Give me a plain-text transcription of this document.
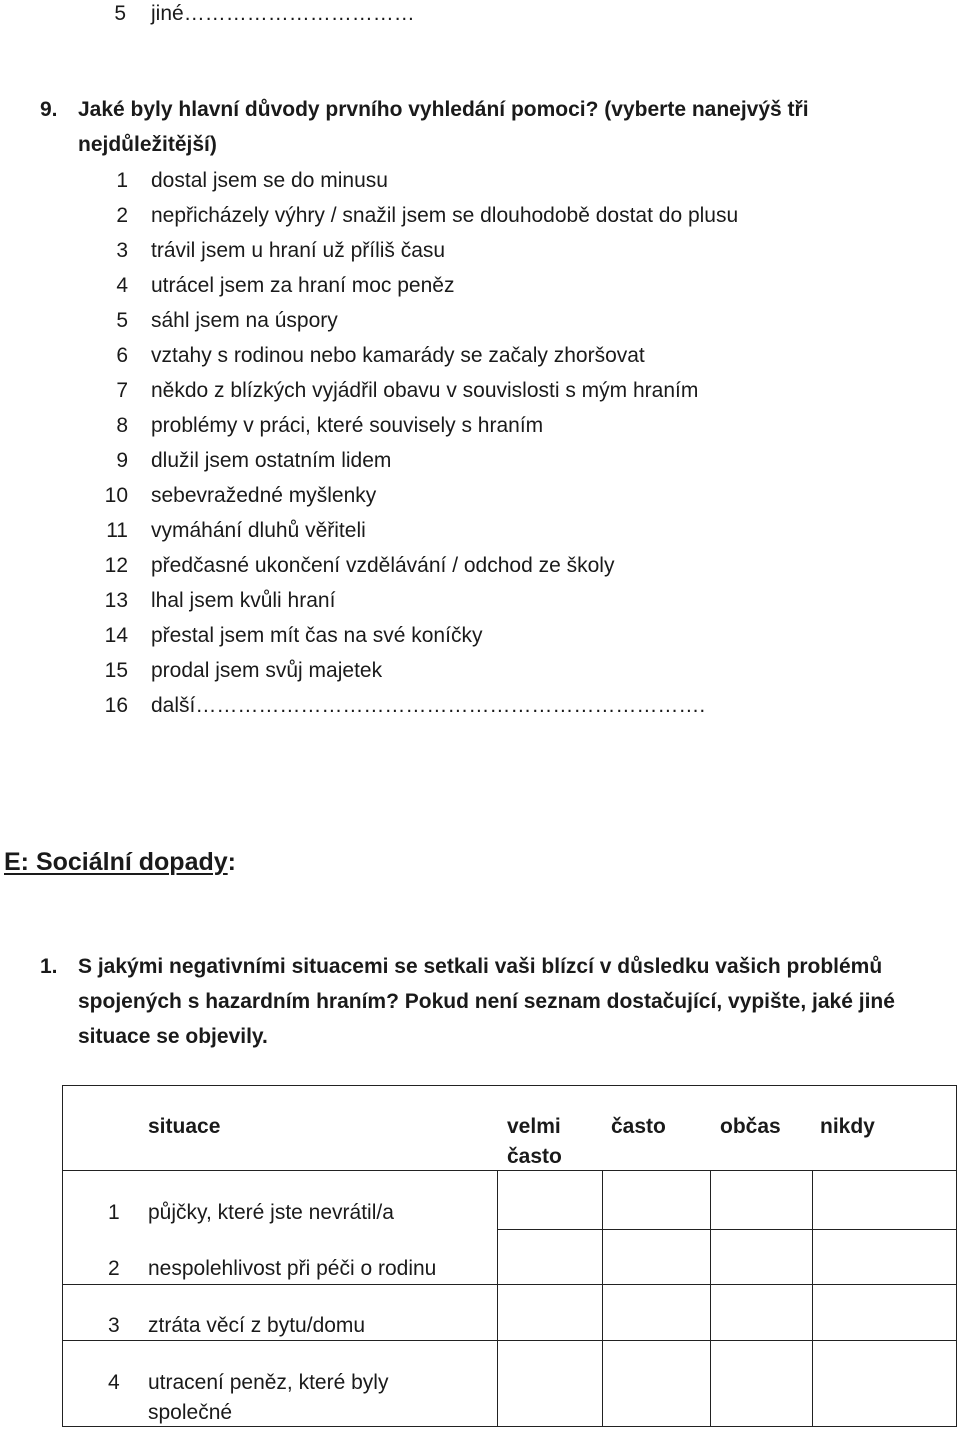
5 jiné……………………………
9. Jaké byly hlavní důvody prvního vyhledání pomoci? (vyberte nanejvýš tři
nejdůležitější)
1 dostal jsem se do minusu
2 nepřicházely výhry / snažil jsem se dlouhodobě dostat do plusu
3 trávil jsem u hraní už příliš času
4 utrácel jsem za hraní moc peněz
5 sáhl jsem na úspory
6 vztahy s rodinou nebo kamarády se začaly zhoršovat
7 někdo z blízkých vyjádřil obavu v souvislosti s mým hraním
8 problémy v práci, které souvisely s hraním
9 dlužil jsem ostatním lidem
10 sebevražedné myšlenky
11 vymáhání dluhů věřiteli
12 předčasné ukončení vzdělávání / odchod ze školy
13 lhal jsem kvůli hraní
14 přestal jsem mít čas na své koníčky
15 prodal jsem svůj majetek
16 další……………………………………………………………….
E: Sociální dopady:
1. S jakými negativními situacemi se setkali vaši blízcí v důsledku vašich problémů
spojených s hazardním hraním? Pokud není seznam dostačující, vypište, jaké jiné
situace se objevily.
situace	velmi
často
často	občas nikdy
1 půjčky, které jste nevrátil/a
2 nespolehlivost při péči o rodinu
3 ztráta věcí z bytu/domu
4 utracení peněz, které byly
společné
